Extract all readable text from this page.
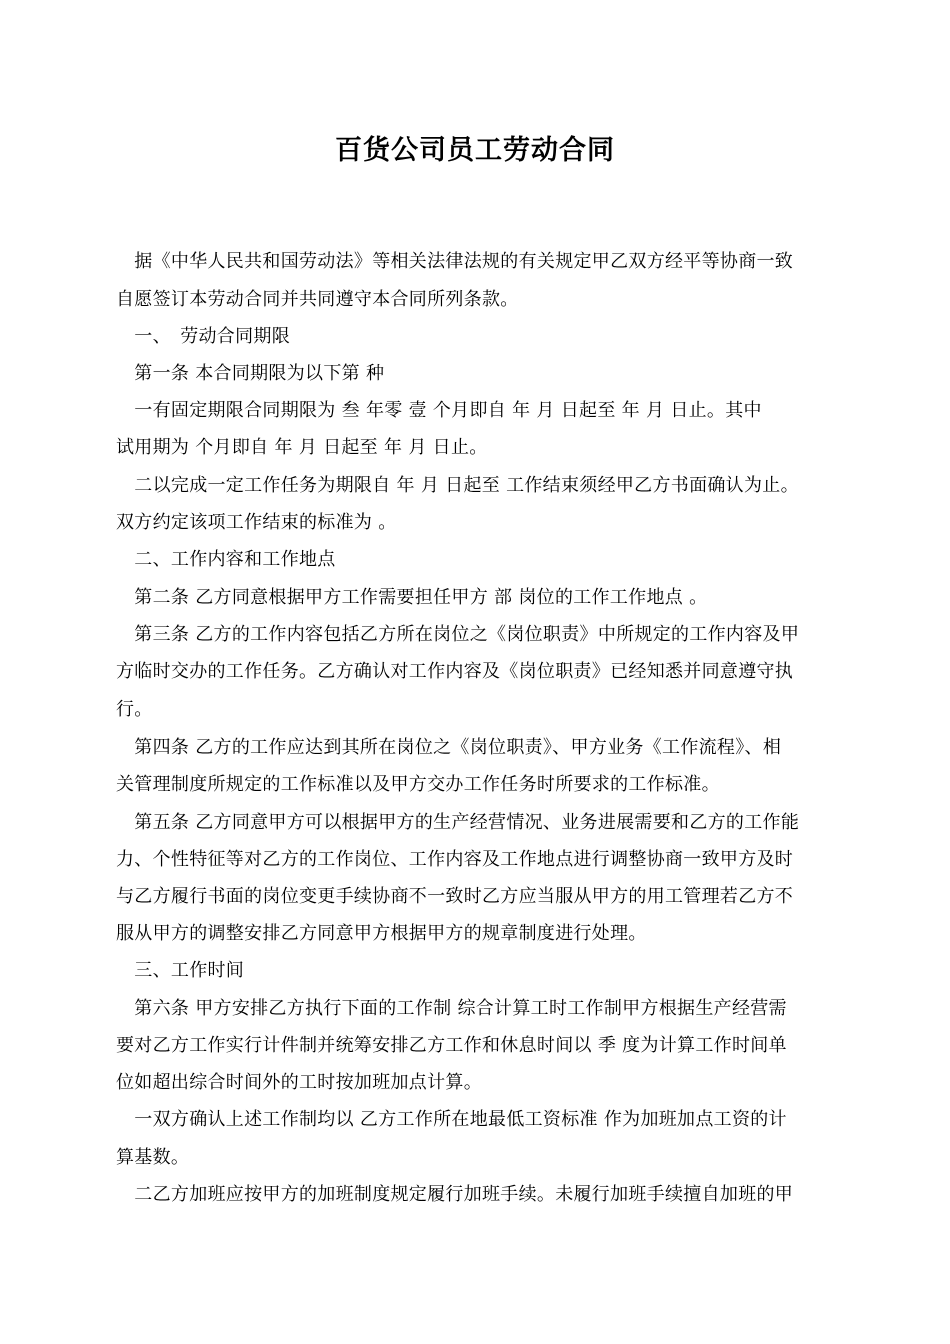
百货公司员工劳动合同
　据《中华人民共和国劳动法》等相关法律法规的有关规定甲乙双方经平等协商一致
自愿签订本劳动合同并共同遵守本合同所列条款。
　一、　劳动合同期限
　第一条 本合同期限为以下第 种
　一有固定期限合同期限为 叁 年零 壹 个月即自 年 月 日起至 年 月 日止。其中
试用期为 个月即自 年 月 日起至 年 月 日止。
　二以完成一定工作任务为期限自 年 月 日起至 工作结束须经甲乙方书面确认为止。
双方约定该项工作结束的标准为 。
　二、工作内容和工作地点
　第二条 乙方同意根据甲方工作需要担任甲方 部 岗位的工作工作地点 。
　第三条 乙方的工作内容包括乙方所在岗位之《岗位职责》中所规定的工作内容及甲
方临时交办的工作任务。乙方确认对工作内容及《岗位职责》已经知悉并同意遵守执
行。
　第四条 乙方的工作应达到其所在岗位之《岗位职责》、甲方业务《工作流程》、相
关管理制度所规定的工作标准以及甲方交办工作任务时所要求的工作标准。
　第五条 乙方同意甲方可以根据甲方的生产经营情况、业务进展需要和乙方的工作能
力、个性特征等对乙方的工作岗位、工作内容及工作地点进行调整协商一致甲方及时
与乙方履行书面的岗位变更手续协商不一致时乙方应当服从甲方的用工管理若乙方不
服从甲方的调整安排乙方同意甲方根据甲方的规章制度进行处理。
　三、工作时间
　第六条 甲方安排乙方执行下面的工作制 综合计算工时工作制甲方根据生产经营需
要对乙方工作实行计件制并统筹安排乙方工作和休息时间以 季 度为计算工作时间单
位如超出综合时间外的工时按加班加点计算。
　一双方确认上述工作制均以 乙方工作所在地最低工资标准 作为加班加点工资的计
算基数。
　二乙方加班应按甲方的加班制度规定履行加班手续。未履行加班手续擅自加班的甲
